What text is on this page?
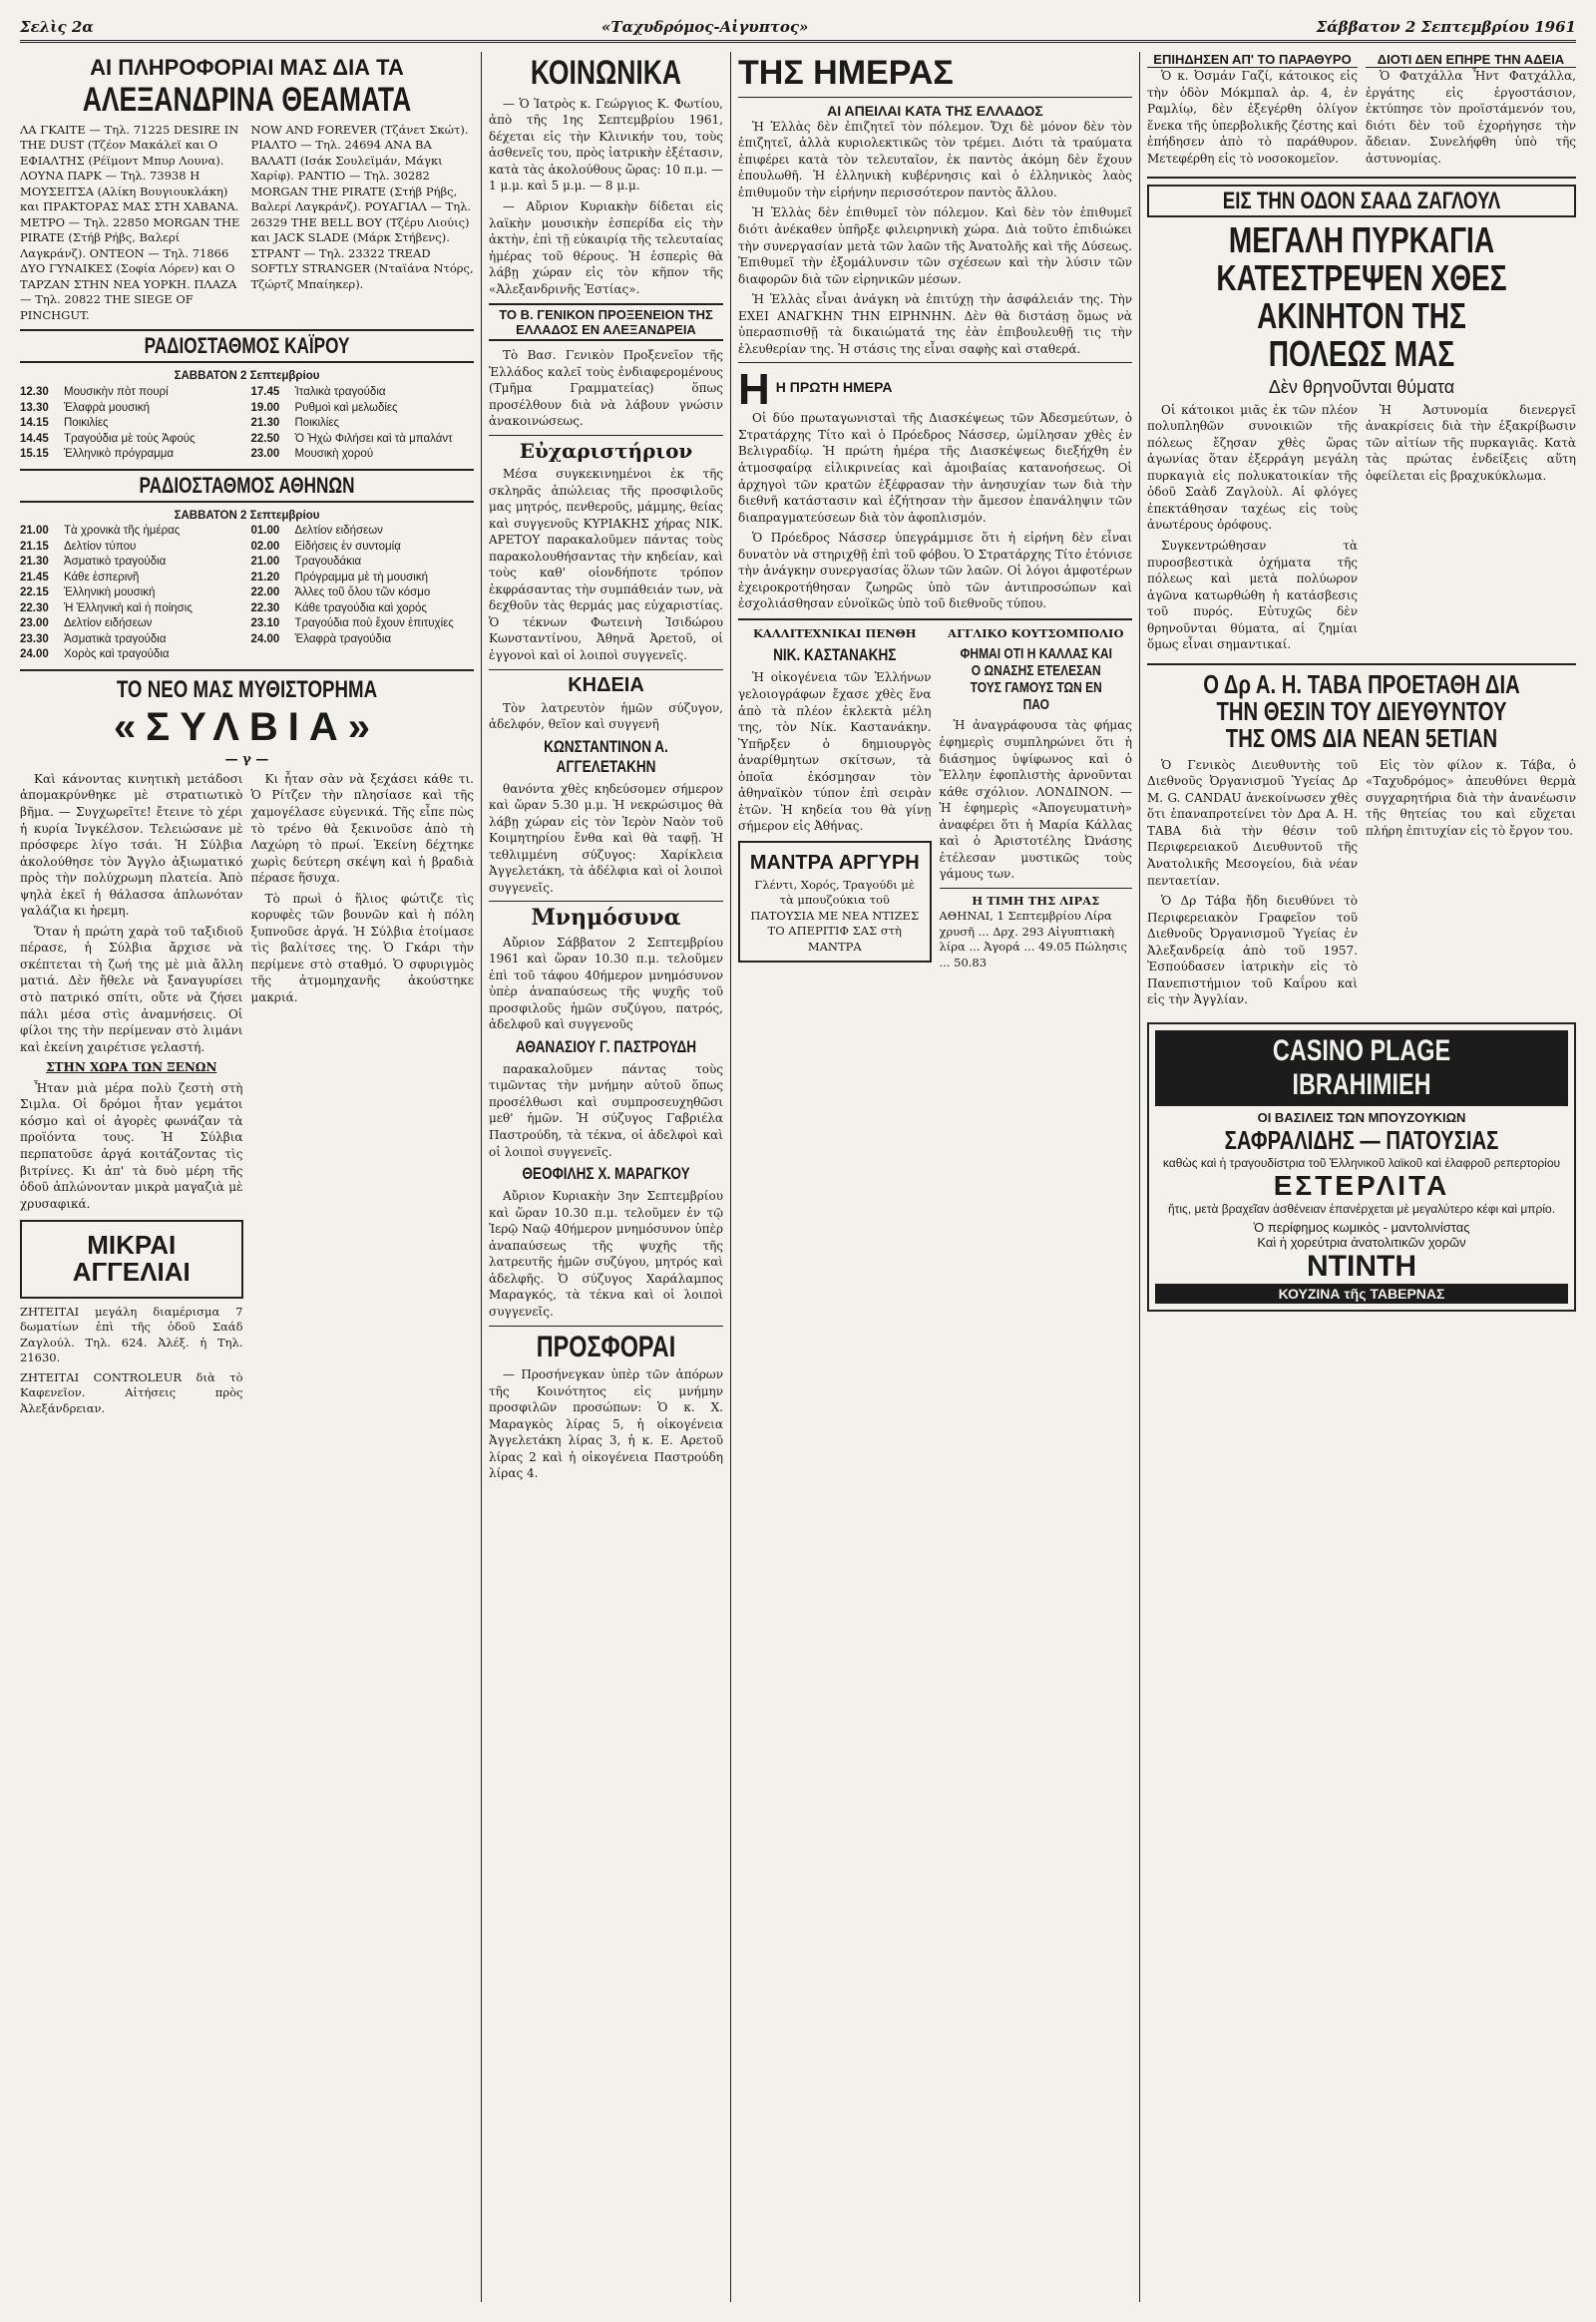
Σελὶς 2α	«Ταχυδρόμος-Αἰγυπτος»	Σάββατον 2 Σεπτεμβρίου 1961
ΑΙ ΠΛΗΡΟΦΟΡΙΑΙ ΜΑΣ ΔΙΑ ΤΑ
ΑΛΕΞΑΝΔΡΙΝΑ ΘΕΑΜΑΤΑ
ΛΑ ΓΚΑΙΤΕ — Τηλ. 71225 DESIRE IN THE DUST (Τζέον Μακάλεϊ και Ο ΕΦΙΑΛΤΗΣ (Ρέϊμοντ Μπυρ Λουνα). ΛΟΥΝΑ ΠΑΡΚ — Τηλ. 73938 Η ΜΟΥΣΕΙΤΣΑ (Αλίκη Βουγιουκλάκη) και ΠΡΑΚΤΟΡΑΣ ΜΑΣ ΣΤΗ ΧΑΒΑΝΑ. ΜΕΤΡΟ — Τηλ. 22850 MORGAN THE PIRATE (Στήβ Ρήβς, Βαλερί Λαγκράνζ). ΟΝΤΕΟΝ — Τηλ. 71866 ΔΥΟ ΓΥΝΑΙΚΕΣ (Σοφία Λόρεν) και Ο ΤΑΡΖΑΝ ΣΤΗΝ ΝΕΑ ΥΟΡΚΗ. ΠΛΑΖΑ — Τηλ. 20822 THE SIEGE OF PINCHGUT.
NOW AND FOREVER (Τζάνετ Σκώτ). ΡΙΑΛΤΟ — Τηλ. 24694 ΑΝΑ ΒΑ ΒΑΛΑΤΙ (Ισάκ Σουλεϊμάν, Μάγκι Χαρίφ). ΡΑΝΤΙΟ — Τηλ. 30282 MORGAN THE PIRATE (Στήβ Ρήβς, Βαλερί Λαγκράνζ). ΡΟΥΑΓΙΑΛ — Τηλ. 26329 THE BELL BOY (Τζέρυ Λιούις) και JACK SLADE (Μάρκ Στήβενς). ΣΤΡΑΝΤ — Τηλ. 23322 TREAD SOFTLY STRANGER (Νταϊάνα Ντόρς, Τζώρτζ Μπαίηκερ).
ΡΑΔΙΟΣΤΑΘΜΟΣ ΚΑΪΡΟΥ
ΣΑΒΒΑΤΟΝ 2 Σεπτεμβρίου
12.30	Μουσικὴν πὸτ πουρί
13.30	Ἐλαφρὰ μουσική
14.15	Ποικιλίες
14.45	Τραγούδια μὲ τοὺς Ἀφούς
15.15	Ἑλληνικὸ πρόγραμμα
17.45	Ἰταλικὰ τραγούδια
19.00	Ρυθμοὶ καὶ μελωδίες
21.30	Ποικιλίες
22.50	Ὁ Ἠχὼ Φιλήσει καὶ τὰ μπαλάντ
23.00	Μουσικὴ χορού
ΡΑΔΙΟΣΤΑΘΜΟΣ ΑΘΗΝΩΝ
ΣΑΒΒΑΤΟΝ 2 Σεπτεμβρίου
21.00	Τὰ χρονικὰ τῆς ἡμέρας
21.15	Δελτίον τύπου
21.30	Ἀσματικὸ τραγούδια
21.45	Κάθε ἑσπερινῆ
22.15	Ἑλληνικὴ μουσική
22.30	Ἡ Ἑλληνικὴ καὶ ἡ ποίησις
23.00	Δελτίον ειδήσεων
23.30	Ἀσματικὰ τραγούδια
24.00	Χορὸς καὶ τραγούδια
01.00	Δελτίον ειδήσεων
02.00	Εἰδήσεις ἐν συντομίᾳ
21.00	Τραγουδάκια
21.20	Πρόγραμμα μὲ τὴ μουσική
22.00	Ἀλλες τοῦ ὅλου τῶν κόσμο
22.30	Κάθε τραγούδια καὶ χορός
23.10	Τραγούδια ποὺ ἔχουν ἐπιτυχίες
24.00	Ἐλαφρὰ τραγούδια
ΤΟ ΝΕΟ ΜΑΣ ΜΥΘΙΣΤΟΡΗΜΑ
«ΣΥΛΒΙΑ»
— γ —

Καὶ κάνοντας κινητικὴ μετάδοσι ἀπομακρύνθηκε μὲ στρατιωτικὸ βῆμα. — Συγχωρεῖτε! ἔτεινε τὸ χέρι ἡ κυρία Ἰνγκέλσον. Τελειώσανε μὲ πρόσφερε λίγο τσάι. Ἡ Σύλβια ἀκολούθησε τὸν Ἄγγλο ἀξιωματικό πρὸς τὴν πολύχρωμη πλατεία. Ἀπὸ ψηλὰ ἐκεῖ ἡ θάλασσα ἁπλωνόταν γαλάζια κι ἡρεμη.

Ὅταν ἡ πρώτη χαρὰ τοῦ ταξιδιοῦ πέρασε, ἡ Σύλβια ἄρχισε νὰ σκέπτεται τὴ ζωή της μὲ μιὰ ἄλλη ματιά. Δὲν ἤθελε νὰ ξαναγυρίσει στὸ πατρικό σπίτι, οὔτε νὰ ζήσει πάλι μέσα στὶς ἀναμνήσεις. Οἱ φίλοι της τὴν περίμεναν στὸ λιμάνι καὶ ἐκείνη χαιρέτισε γελαστή.

ΣΤΗΝ ΧΩΡΑ ΤΩΝ ΞΕΝΩΝ

Ἦταν μιὰ μέρα πολὺ ζεστὴ στὴ Σιμλα. Οἱ δρόμοι ἦταν γεμάτοι κόσμο καὶ οἱ ἀγορὲς φωνάζαν τὰ προϊόντα τους. Ἡ Σύλβια περπατοῦσε ἀργά κοιτάζοντας τὶς βιτρίνες. Κι ἀπ' τὰ δυὸ μέρη τῆς ὁδοῦ ἀπλώνονταν μικρὰ μαγαζιὰ μὲ χρυσαφικά.

ΜΙΚΡΑΙ ΑΓΓΕΛΙΑΙ

ΖΗΤΕΙΤΑΙ μεγάλη διαμέρισμα 7 δωματίων ἐπὶ τῆς ὁδοῦ Σαάδ Ζαγλούλ. Τηλ. 624. Ἀλέξ. ἡ Τηλ. 21630.

ΖΗΤΕΙΤΑΙ CONTROLEUR διὰ τὸ Καφενεῖον. Αἰτήσεις πρὸς Ἀλεξάνδρειαν.

Κι ἦταν σὰν νὰ ξεχάσει κάθε τι. Ὁ Ρίτζεν τὴν πλησίασε καὶ τῆς χαμογέλασε εὐγενικά. Τῆς εἶπε πὼς τὸ τρένο θὰ ξεκινοῦσε ἀπὸ τὴ Λαχώρη τὸ πρωί. Ἐκείνη δέχτηκε χωρὶς δεύτερη σκέψη καὶ ἡ βραδιὰ πέρασε ἥσυχα.

Τὸ πρωὶ ὁ ἥλιος φώτιζε τὶς κορυφὲς τῶν βουνῶν καὶ ἡ πόλη ξυπνοῦσε ἀργά. Ἡ Σύλβια ἑτοίμασε τὶς βαλίτσες της. Ὁ Γκάρι τὴν περίμενε στὸ σταθμό. Ὁ σφυριγμὸς τῆς ἀτμομηχανῆς ἀκούστηκε μακριά.

ΚΟΙΝΩΝΙΚΑ

— Ὁ Ἰατρὸς κ. Γεώργιος Κ. Φωτίου, ἀπὸ τῆς 1ης Σεπτεμβρίου 1961, δέχεται εἰς τὴν Κλινικήν του, τοὺς ἀσθενεῖς του, πρὸς ἰατρικὴν ἐξέτασιν, κατὰ τὰς ἀκολούθους ὥρας: 10 π.μ. — 1 μ.μ. καὶ 5 μ.μ. — 8 μ.μ.

— Αὔριον Κυριακὴν δίδεται εἰς λαϊκὴν μουσικὴν ἑσπερίδα εἰς τὴν ἀκτὴν, ἐπὶ τῇ εὐκαιρίᾳ τῆς τελευταίας ἡμέρας τοῦ θέρους. Ἡ ἑσπερὶς θὰ λάβῃ χώραν εἰς τὸν κῆπον τῆς «Ἀλεξανδρινῆς Ἑστίας».

ΤΟ Β. ΓΕΝΙΚΟΝ ΠΡΟΞΕΝΕΙΟΝ ΤΗΣ ΕΛΛΑΔΟΣ ΕΝ ΑΛΕΞΑΝΔΡΕΙΑ

Τὸ Βασ. Γενικὸν Προξενεῖον τῆς Ἑλλάδος καλεῖ τοὺς ἐνδιαφερομένους (Τμῆμα Γραμματείας) ὅπως προσέλθουν διὰ νὰ λάβουν γνώσιν ἀνακοινώσεως.

Εὐχαριστήριον

Μέσα συγκεκινημένοι ἐκ τῆς σκληρᾶς ἀπώλειας τῆς προσφιλοῦς μας μητρός, πενθεροῦς, μάμμης, θείας καὶ συγγενοῦς ΚΥΡΙΑΚΗΣ χήρας ΝΙΚ. ΑΡΕΤΟΥ παρακαλοῦμεν πάντας τοὺς παρακολουθήσαντας τὴν κηδείαν, καὶ τοὺς καθ' οἱονδήποτε τρόπον ἐκφράσαντας τὴν συμπάθειάν των, νὰ δεχθοῦν τὰς θερμάς μας εὐχαριστίας. Ὁ τέκνων Φωτεινὴ Ἰσιδώρου Κωνσταντίνου, Ἀθηνᾶ Ἀρετοῦ, οἱ ἐγγονοὶ καὶ οἱ λοιποὶ συγγενεῖς.

ΚΗΔΕΙΑ

Τὸν λατρευτὸν ἡμῶν σύζυγον, ἀδελφόν, θεῖον καὶ συγγενῆ

ΚΩΝΣΤΑΝΤΙΝΟΝ Α. ΑΓΓΕΛΕΤΑΚΗΝ

θανόντα χθὲς κηδεύσομεν σήμερον καὶ ὥραν 5.30 μ.μ. Ἡ νεκρώσιμος θὰ λάβῃ χώραν εἰς τὸν Ἱερὸν Ναὸν τοῦ Κοιμητηρίου ἔνθα καὶ θὰ ταφῇ. Ἡ τεθλιμμένη σύζυγος: Χαρίκλεια Ἀγγελετάκη, τὰ ἀδέλφια καὶ οἱ λοιποὶ συγγενεῖς.

Μνημόσυνα

Αὔριον Σάββατον 2 Σεπτεμβρίου 1961 καὶ ὥραν 10.30 π.μ. τελοῦμεν ἐπὶ τοῦ τάφου 40ήμερον μνημόσυνον ὑπὲρ ἀναπαύσεως τῆς ψυχῆς τοῦ προσφιλοῦς ἡμῶν συζύγου, πατρός, ἀδελφοῦ καὶ συγγενοῦς

ΑΘΑΝΑΣΙΟΥ Γ. ΠΑΣΤΡΟΥΔΗ

παρακαλοῦμεν πάντας τοὺς τιμῶντας τὴν μνήμην αὐτοῦ ὅπως προσέλθωσι καὶ συμπροσευχηθῶσι μεθ' ἡμῶν. Ἡ σύζυγος Γαβριέλα Παστρούδη, τὰ τέκνα, οἱ ἀδελφοὶ καὶ οἱ λοιποὶ συγγενεῖς.

ΘΕΟΦΙΛΗΣ Χ. ΜΑΡΑΓΚΟΥ

Αὔριον Κυριακὴν 3ην Σεπτεμβρίου καὶ ὥραν 10.30 π.μ. τελοῦμεν ἐν τῷ Ἱερῷ Ναῷ 40ήμερον μνημόσυνον ὑπὲρ ἀναπαύσεως τῆς ψυχῆς τῆς λατρευτῆς ἡμῶν συζύγου, μητρός καὶ ἀδελφῆς. Ὁ σύζυγος Χαράλαμπος Μαραγκός, τὰ τέκνα καὶ οἱ λοιποὶ συγγενεῖς.

ΠΡΟΣΦΟΡΑΙ

— Προσήνεγκαν ὑπὲρ τῶν ἀπόρων τῆς Κοινότητος εἰς μνήμην προσφιλῶν προσώπων: Ὁ κ. Χ. Μαραγκὸς λίρας 5, ἡ οἰκογένεια Ἀγγελετάκη λίρας 3, ἡ κ. Ε. Αρετοῦ λίρας 2 καὶ ἡ οἰκογένεια Παστρούδη λίρας 4.

ΤΗΣ ΗΜΕΡΑΣ
ΑΙ ΑΠΕΙΛΑΙ ΚΑΤΑ ΤΗΣ ΕΛΛΑΔΟΣ

Ἡ Ἑλλὰς δὲν ἐπιζητεῖ τὸν πόλεμον. Ὄχι δὲ μόνον δὲν τὸν ἐπιζητεῖ, ἀλλὰ κυριολεκτικῶς τὸν τρέμει. Διότι τὰ τραύματα ἐπιφέρει κατὰ τὸν τελευταῖον, ἐκ παντὸς ἀκόμη δὲν ἔχουν ἐπουλωθῆ. Ἡ ἑλληνικὴ κυβέρνησις καὶ ὁ ἑλληνικὸς λαὸς ἐπιθυμοῦν τὴν εἰρήνην περισσότερον παντὸς ἄλλου.

Ἡ Ἑλλὰς δὲν ἐπιθυμεῖ τὸν πόλεμον. Καὶ δὲν τὸν ἐπιθυμεῖ διότι ἀνέκαθεν ὑπῆρξε φιλειρηνικὴ χώρα. Διὰ τοῦτο ἐπιδιώκει τὴν συνεργασίαν μετὰ τῶν λαῶν τῆς Ἀνατολῆς καὶ τῆς Δύσεως. Ἐπιθυμεῖ τὴν ἐξομάλυνσιν τῶν σχέσεων καὶ τὴν λύσιν τῶν διαφορῶν διὰ τῶν εἰρηνικῶν μέσων.

Ἡ Ἑλλὰς εἶναι ἀνάγκη νὰ ἐπιτύχῃ τὴν ἀσφάλειάν της. Τὴν ΕΧΕΙ ΑΝΑΓΚΗΝ ΤΗΝ ΕΙΡΗΝΗΝ. Δὲν θὰ διστάσῃ ὅμως νὰ ὑπερασπισθῇ τὰ δικαιώματά της ἐὰν ἐπιβουλευθῇ τις τὴν ἐλευθερίαν της. Ἡ στάσις της εἶναι σαφὴς καὶ σταθερά.

Η Η ΠΡΩΤΗ ΗΜΕΡΑ

Οἱ δύο πρωταγωνισταὶ τῆς Διασκέψεως τῶν Ἀδεσμεύτων, ὁ Στρατάρχης Τίτο καὶ ὁ Πρόεδρος Νάσσερ, ὡμίλησαν χθὲς ἐν Βελιγραδίῳ. Ἡ πρώτη ἡμέρα τῆς Διασκέψεως διεξήχθη ἐν ἀτμοσφαίρᾳ εἰλικρινείας καὶ ἀμοιβαίας κατανοήσεως. Οἱ ἀρχηγοὶ τῶν κρατῶν ἐξέφρασαν τὴν ἀνησυχίαν των διὰ τὴν διεθνῆ κατάστασιν καὶ ἐζήτησαν τὴν ἄμεσον ἐπανάληψιν τῶν διαπραγματεύσεων διὰ τὸν ἀφοπλισμόν.

Ὁ Πρόεδρος Νάσσερ ὑπεγράμμισε ὅτι ἡ εἰρήνη δὲν εἶναι δυνατὸν νὰ στηριχθῇ ἐπὶ τοῦ φόβου. Ὁ Στρατάρχης Τίτο ἐτόνισε τὴν ἀνάγκην συνεργασίας ὅλων τῶν λαῶν. Οἱ λόγοι ἀμφοτέρων ἐχειροκροτήθησαν ζωηρῶς ὑπὸ τῶν ἀντιπροσώπων καὶ ἐσχολιάσθησαν εὐνοϊκῶς ὑπὸ τοῦ διεθνοῦς τύπου.

ΚΑΛΛΙΤΕΧΝΙΚΑΙ ΠΕΝΘΗ
ΝΙΚ. ΚΑΣΤΑΝΑΚΗΣ

Ἡ οἰκογένεια τῶν Ἑλλήνων γελοιογράφων ἔχασε χθὲς ἕνα ἀπὸ τὰ πλέον ἐκλεκτὰ μέλη της, τὸν Νίκ. Καστανάκην. Ὑπῆρξεν ὁ δημιουργὸς ἀναρίθμητων σκίτσων, τὰ ὁποῖα ἐκόσμησαν τὸν ἀθηναϊκὸν τύπον ἐπὶ σειρὰν ἐτῶν. Ἡ κηδεία του θὰ γίνῃ σήμερον εἰς Ἀθήνας.

ΜΑΝΤΡΑ ΑΡΓΥΡΗ
Γλέντι, Χορός, Τραγούδι μὲ τὰ μπουζούκια τοῦ ΠΑΤΟΥΣΙΑ ΜΕ ΝΕΑ ΝΤΙΖΕΣ ΤΟ ΑΠΕΡΙΤΙΦ ΣΑΣ στὴ ΜΑΝΤΡΑ
ΑΓΓΛΙΚΟ ΚΟΥΤΣΟΜΠΟΛΙΟ
ΦΗΜΑΙ ΟΤΙ Η ΚΑΛΛΑΣ ΚΑΙ Ο ΩΝΑΣΗΣ ΕΤΕΛΕΣΑΝ ΤΟΥΣ ΓΑΜΟΥΣ ΤΩΝ ΕΝ ΠΑΟ

Ἡ ἀναγράφουσα τὰς φήμας ἐφημερὶς συμπληρώνει ὅτι ἡ διάσημος ὑψίφωνος καὶ ὁ Ἕλλην ἐφοπλιστὴς ἀρνοῦνται κάθε σχόλιον. ΛΟΝΔΙΝΟΝ. — Ἡ ἐφημερὶς «Ἀπογευματινὴ» ἀναφέρει ὅτι ἡ Μαρία Κάλλας καὶ ὁ Ἀριστοτέλης Ὠνάσης ἐτέλεσαν μυστικῶς τοὺς γάμους των.

Η ΤΙΜΗ ΤΗΣ ΛΙΡΑΣ
ΑΘΗΝΑΙ, 1 Σεπτεμβρίου Λίρα χρυσῆ ... Δρχ. 293 Αἰγυπτιακὴ λίρα ... Ἀγορά ... 49.05 Πώλησις ... 50.83
ΕΠΙΗΔΗΣΕΝ ΑΠ' ΤΟ ΠΑΡΑΘΥΡΟ

Ὁ κ. Ὀσμάν Γαζί, κάτοικος εἰς τὴν ὁδὸν Μόκμπαλ ἀρ. 4, ἐν Ραμλίῳ, δὲν ἐξεγέρθη ὀλίγον ἕνεκα τῆς ὑπερβολικῆς ζέστης καὶ ἐπήδησεν ἀπὸ τὸ παράθυρον. Μετεφέρθη εἰς τὸ νοσοκομεῖον.

ΔΙΟΤΙ ΔΕΝ ΕΠΗΡΕ ΤΗΝ ΑΔΕΙΑ

Ὁ Φατχάλλα Ἦντ Φατχάλλα, ἐργάτης εἰς ἐργοστάσιον, ἐκτύπησε τὸν προϊστάμενόν του, διότι δὲν τοῦ ἐχορήγησε τὴν ἄδειαν. Συνελήφθη ὑπὸ τῆς ἀστυνομίας.

ΕΙΣ ΤΗΝ ΟΔΟΝ ΣΑΑΔ ΖΑΓΛΟΥΛ
ΜΕΓΑΛΗ ΠΥΡΚΑΓΙΑ ΚΑΤΕΣΤΡΕΨΕΝ ΧΘΕΣ ΑΚΙΝΗΤΟΝ ΤΗΣ ΠΟΛΕΩΣ ΜΑΣ
Δὲν θρηνοῦνται θύματα

Οἱ κάτοικοι μιᾶς ἐκ τῶν πλέον πολυπληθῶν συνοικιῶν τῆς πόλεως ἔζησαν χθὲς ὥρας ἀγωνίας ὅταν ἐξερράγη μεγάλη πυρκαγιὰ εἰς πολυκατοικίαν τῆς ὁδοῦ Σαὰδ Ζαγλοὺλ. Αἱ φλόγες ἐπεκτάθησαν ταχέως εἰς τοὺς ἀνωτέρους ὀρόφους.

Συγκεντρώθησαν τὰ πυροσβεστικὰ ὀχήματα τῆς πόλεως καὶ μετὰ πολύωρον ἀγῶνα κατωρθώθη ἡ κατάσβεσις τοῦ πυρός. Εὐτυχῶς δὲν θρηνοῦνται θύματα, αἱ ζημίαι ὅμως εἶναι σημαντικαί.

Ἡ Ἀστυνομία διενεργεῖ ἀνακρίσεις διὰ τὴν ἐξακρίβωσιν τῶν αἰτίων τῆς πυρκαγιᾶς. Κατὰ τὰς πρώτας ἐνδείξεις αὕτη ὀφείλεται εἰς βραχυκύκλωμα.

Ο Δρ Α. Η. ΤΑΒΑ ΠΡΟΕΤΑΘΗ ΔΙΑ ΤΗΝ ΘΕΣΙΝ ΤΟΥ ΔΙΕΥΘΥΝΤΟΥ ΤΗΣ OMS ΔΙΑ ΝΕΑΝ 5ΕΤΙΑΝ

Ὁ Γενικὸς Διευθυντὴς τοῦ Διεθνοῦς Ὀργανισμοῦ Ὑγείας Δρ M. G. CANDAU ἀνεκοίνωσεν χθὲς ὅτι ἐπαναπροτείνει τὸν Δρα Α. Η. ΤΑΒΑ διὰ τὴν θέσιν τοῦ Περιφερειακοῦ Διευθυντοῦ τῆς Ἀνατολικῆς Μεσογείου, διὰ νέαν πενταετίαν.

Ὁ Δρ Τάβα ἤδη διευθύνει τὸ Περιφερειακὸν Γραφεῖον τοῦ Διεθνοῦς Ὀργανισμοῦ Ὑγείας ἐν Ἀλεξανδρείᾳ ἀπὸ τοῦ 1957. Ἐσπούδασεν ἰατρικὴν εἰς τὸ Πανεπιστήμιον τοῦ Καΐρου καὶ εἰς τὴν Ἀγγλίαν.

Εἰς τὸν φίλον κ. Τάβα, ὁ «Ταχυδρόμος» ἀπευθύνει θερμὰ συγχαρητήρια διὰ τὴν ἀνανέωσιν τῆς θητείας του καὶ εὔχεται πλήρη ἐπιτυχίαν εἰς τὸ ἔργον του.

CASINO PLAGE IBRAHIMIEH
ΟΙ ΒΑΣΙΛΕΙΣ ΤΩΝ ΜΠΟΥΖΟΥΚΙΩΝ
ΣΑΦΡΑΛΙΔΗΣ — ΠΑΤΟΥΣΙΑΣ
καθὼς καὶ ἡ τραγουδίστρια τοῦ Ἑλληνικοῦ λαϊκοῦ καὶ ἐλαφροῦ ρεπερτορίου
ΕΣΤΕΡΛΙΤΑ
ἥτις, μετὰ βραχεῖαν ἀσθένειαν ἐπανέρχεται μὲ μεγαλύτερο κέφι καὶ μπρίο.
Ὁ περίφημος κωμικὸς - μαντολινίστας
Καὶ ἡ χορεύτρια ἀνατολιτικῶν χορῶν
ΝΤΙΝΤΗ
ΚΟΥΖΙΝΑ τῆς ΤΑΒΕΡΝΑΣ
